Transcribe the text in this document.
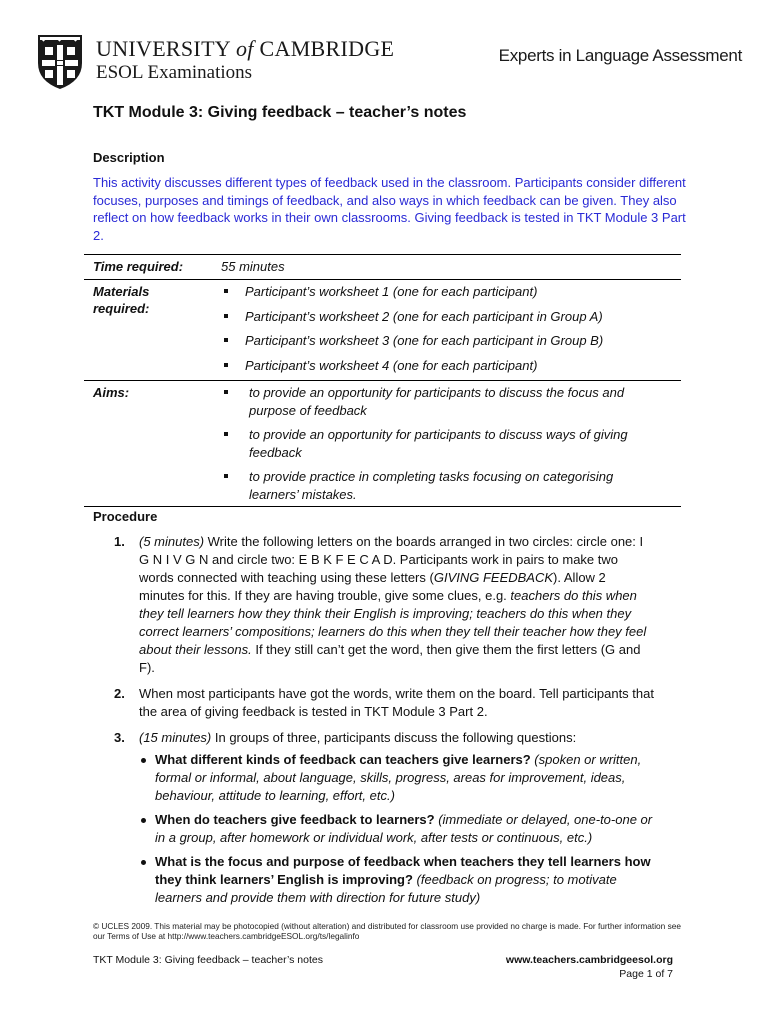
UNIVERSITY of CAMBRIDGE
ESOL Examinations
Experts in Language Assessment
TKT Module 3: Giving feedback – teacher’s notes
Description
This activity discusses different types of feedback used in the classroom. Participants consider different focuses, purposes and timings of feedback, and also ways in which feedback can be given. They also reflect on how feedback works in their own classrooms. Giving feedback is tested in TKT Module 3 Part 2.
Time required:	55 minutes
Materials required:
Participant’s worksheet 1 (one for each participant)
Participant’s worksheet 2 (one for each participant in Group A)
Participant’s worksheet 3 (one for each participant in Group B)
Participant’s worksheet 4 (one for each participant)
Aims:	to provide an opportunity for participants to discuss the focus and purpose of feedback
to provide an opportunity for participants to discuss ways of giving feedback
to provide practice in completing tasks focusing on categorising learners’ mistakes.
Procedure
1. (5 minutes) Write the following letters on the boards arranged in two circles: circle one: I G N I V G N and circle two: E B K F E C A D. Participants work in pairs to make two words connected with teaching using these letters (GIVING FEEDBACK). Allow 2 minutes for this. If they are having trouble, give some clues, e.g. teachers do this when they tell learners how they think their English is improving; teachers do this when they correct learners’ compositions; learners do this when they tell their teacher how they feel about their lessons. If they still can’t get the word, then give them the first letters (G and F).
2. When most participants have got the words, write them on the board. Tell participants that the area of giving feedback is tested in TKT Module 3 Part 2.
3. (15 minutes) In groups of three, participants discuss the following questions:
What different kinds of feedback can teachers give learners? (spoken or written, formal or informal, about language, skills, progress, areas for improvement, ideas, behaviour, attitude to learning, effort, etc.)
When do teachers give feedback to learners? (immediate or delayed, one-to-one or in a group, after homework or individual work, after tests or continuous, etc.)
What is the focus and purpose of feedback when teachers they tell learners how they think learners’ English is improving? (feedback on progress; to motivate learners and provide them with direction for future study)
© UCLES 2009. This material may be photocopied (without alteration) and distributed for classroom use provided no charge is made. For further information see our Terms of Use at http://www.teachers.cambridgeESOL.org/ts/legalinfo
TKT Module 3: Giving feedback – teacher’s notes	www.teachers.cambridgeesol.org
Page 1 of 7
